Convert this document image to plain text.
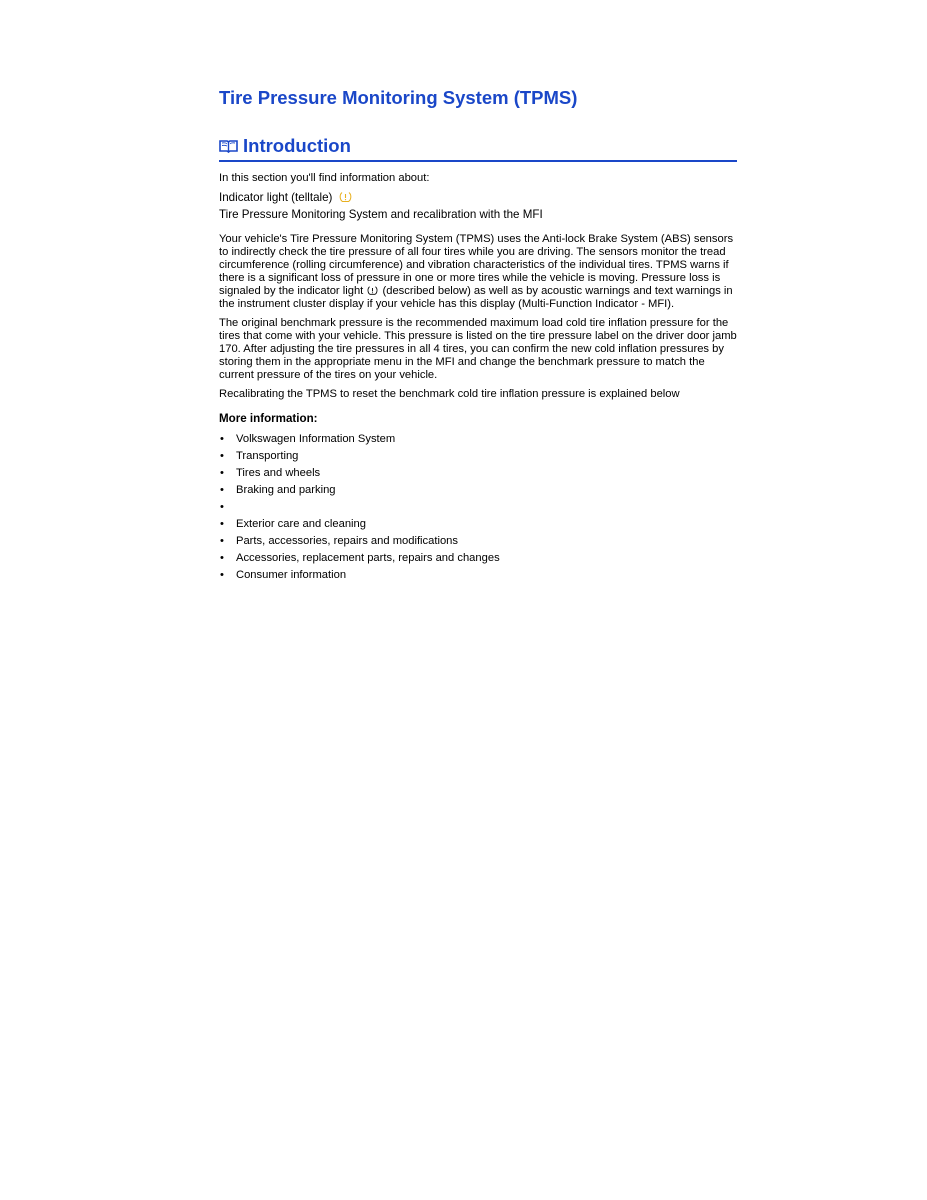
Tire Pressure Monitoring System (TPMS)
Introduction
In this section you'll find information about:
Indicator light (telltale)
Tire Pressure Monitoring System and recalibration with the MFI

Your vehicle's Tire Pressure Monitoring System (TPMS) uses the Anti-lock Brake System (ABS) sensors to indirectly check the tire pressure of all four tires while you are driving. The sensors monitor the tread circumference (rolling circumference) and vibration characteristics of the individual tires. TPMS warns if there is a significant loss of pressure in one or more tires while the vehicle is moving. Pressure loss is signaled by the indicator light (described below) as well as by acoustic warnings and text warnings in the instrument cluster display if your vehicle has this display (Multi-Function Indicator - MFI).

The original benchmark pressure is the recommended maximum load cold tire inflation pressure for the tires that come with your vehicle. This pressure is listed on the tire pressure label on the driver door jamb 170. After adjusting the tire pressures in all 4 tires, you can confirm the new cold inflation pressures by storing them in the appropriate menu in the MFI and change the benchmark pressure to match the current pressure of the tires on your vehicle.

Recalibrating the TPMS to reset the benchmark cold tire inflation pressure is explained below

More information:
• Volkswagen Information System
• Transporting
• Tires and wheels
• Braking and parking
•
• Exterior care and cleaning
• Parts, accessories, repairs and modifications
• Accessories, replacement parts, repairs and changes
• Consumer information
